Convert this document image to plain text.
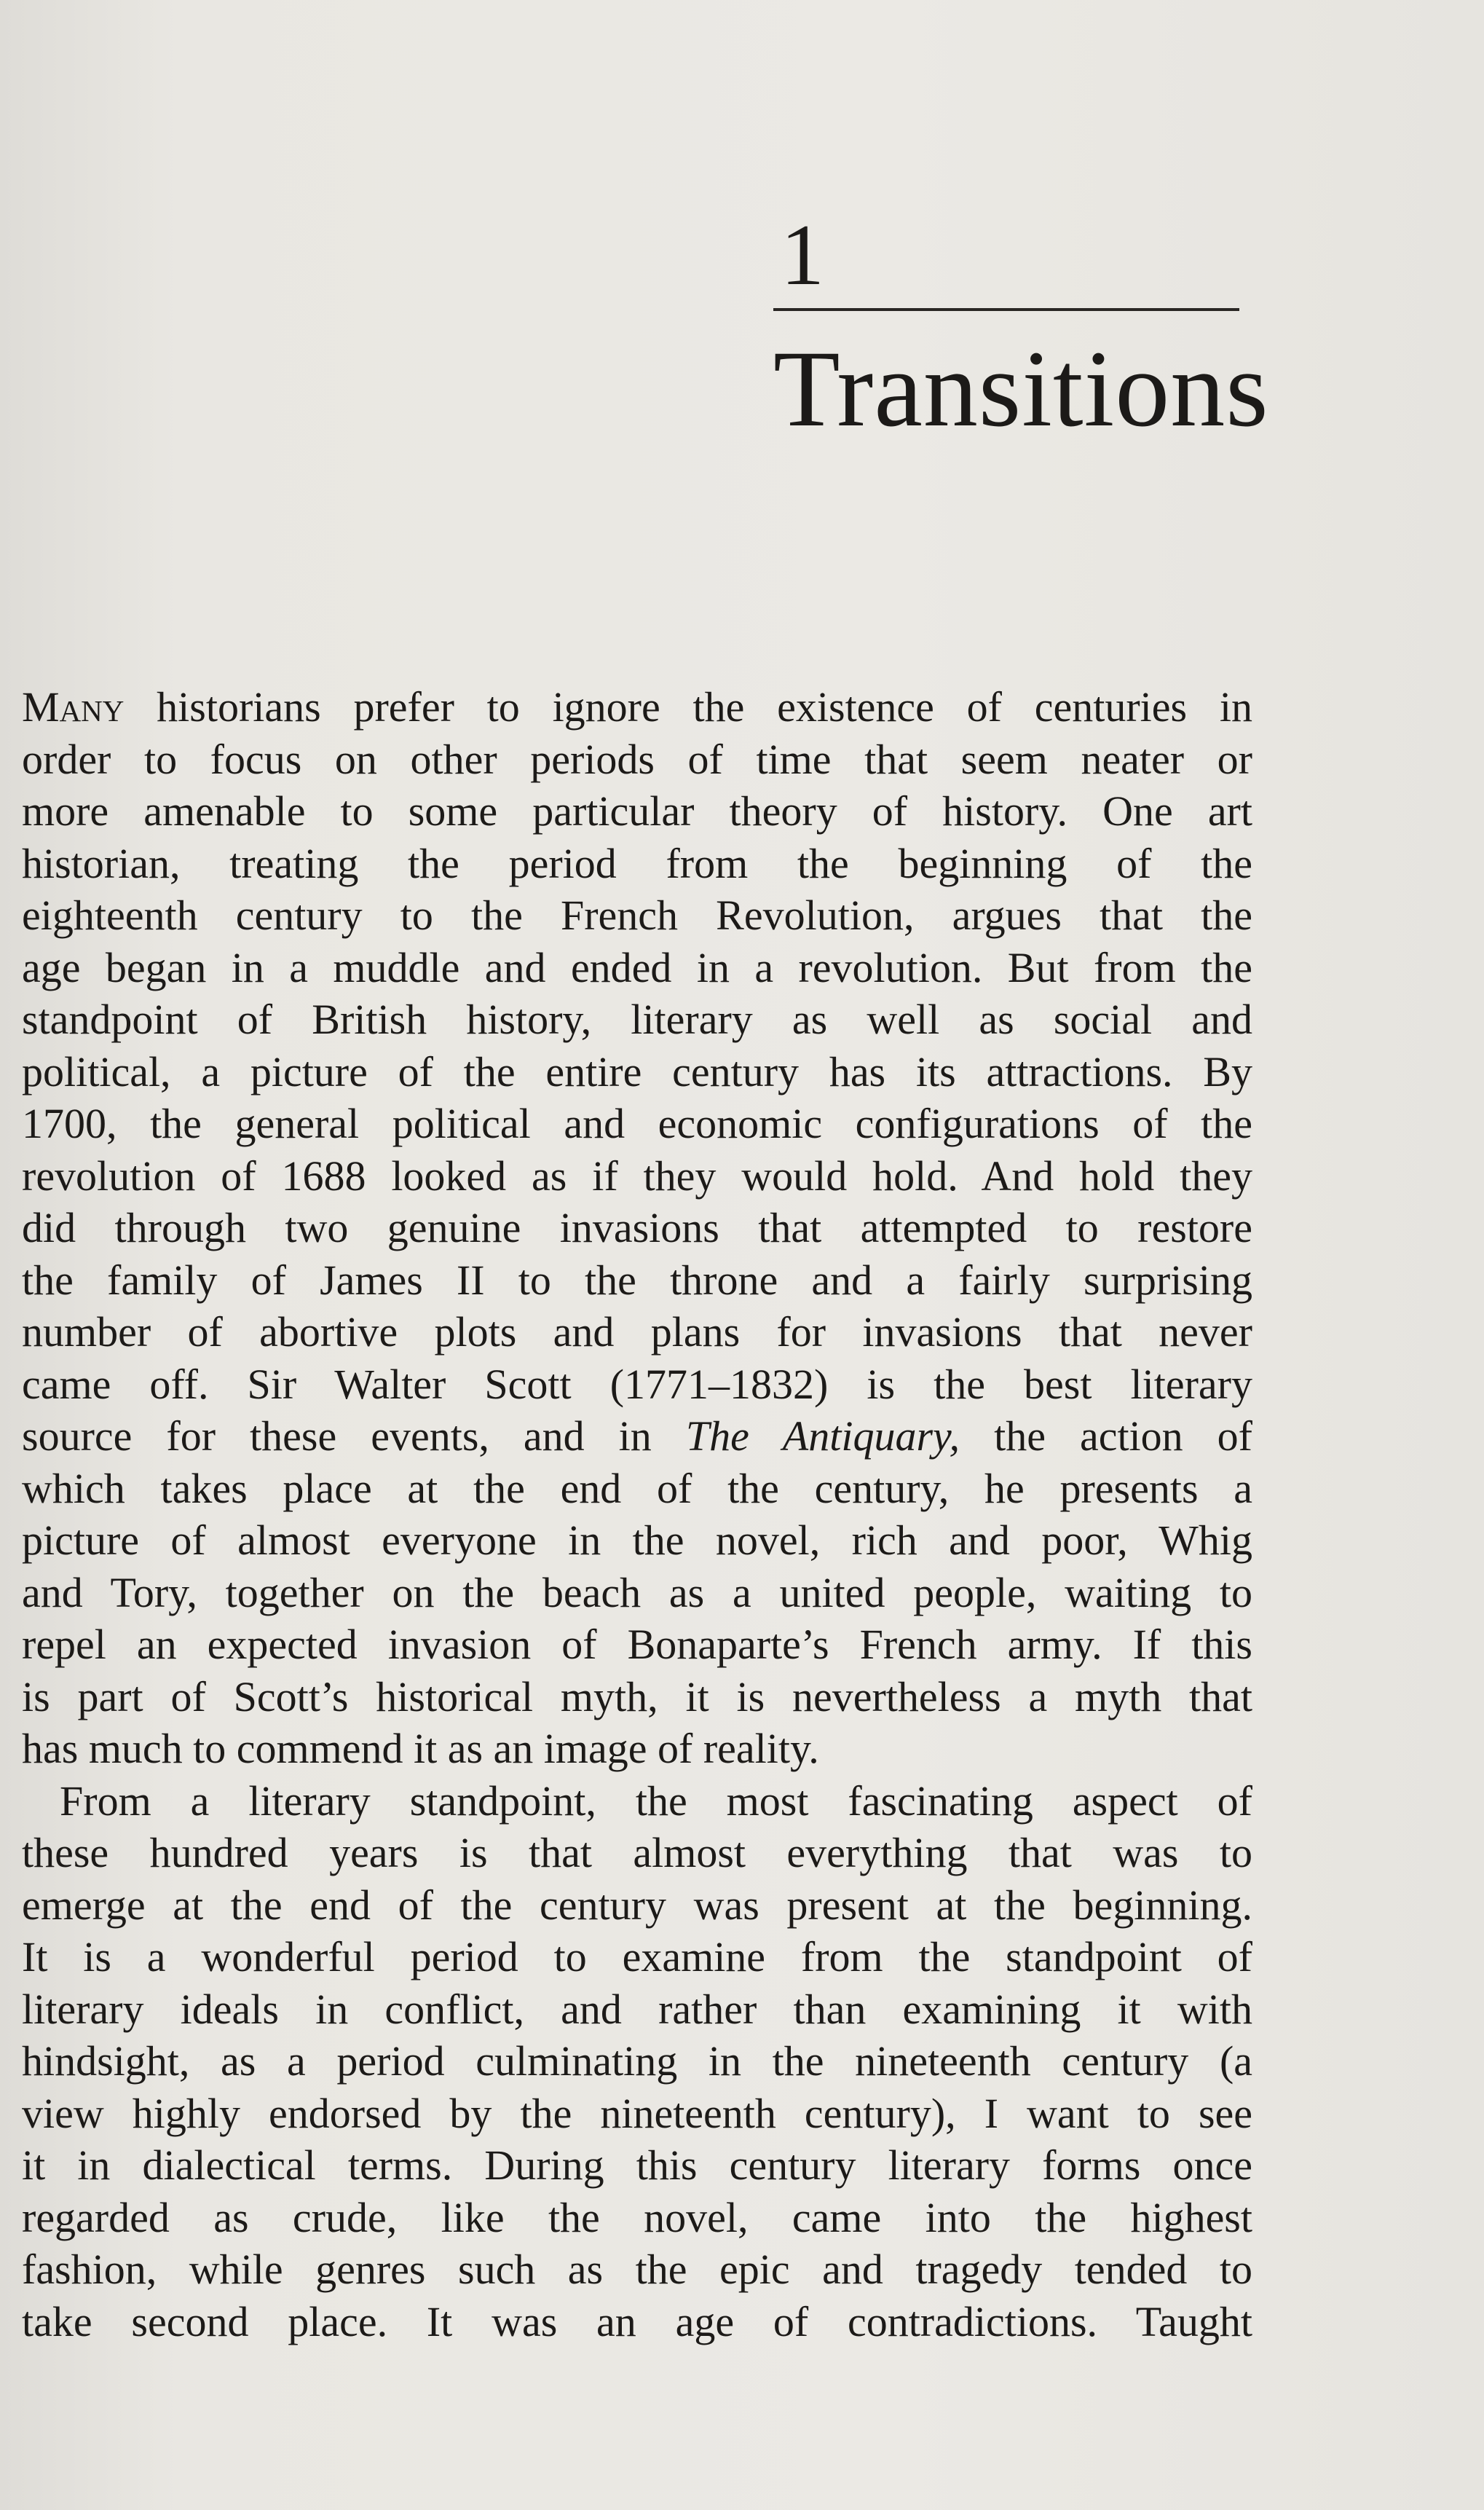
1
Transitions
Many historians prefer to ignore the existence of centuries in
order to focus on other periods of time that seem neater or
more amenable to some particular theory of history. One art
historian, treating the period from the beginning of the
eighteenth century to the French Revolution, argues that the
age began in a muddle and ended in a revolution. But from the
standpoint of British history, literary as well as social and
political, a picture of the entire century has its attractions. By
1700, the general political and economic configurations of the
revolution of 1688 looked as if they would hold. And hold they
did through two genuine invasions that attempted to restore
the family of James II to the throne and a fairly surprising
number of abortive plots and plans for invasions that never
came off. Sir Walter Scott (1771–1832) is the best literary
source for these events, and in The Antiquary, the action of
which takes place at the end of the century, he presents a
picture of almost everyone in the novel, rich and poor, Whig
and Tory, together on the beach as a united people, waiting to
repel an expected invasion of Bonaparte’s French army. If this
is part of Scott’s historical myth, it is nevertheless a myth that
has much to commend it as an image of reality.
From a literary standpoint, the most fascinating aspect of
these hundred years is that almost everything that was to
emerge at the end of the century was present at the beginning.
It is a wonderful period to examine from the standpoint of
literary ideals in conflict, and rather than examining it with
hindsight, as a period culminating in the nineteenth century (a
view highly endorsed by the nineteenth century), I want to see
it in dialectical terms. During this century literary forms once
regarded as crude, like the novel, came into the highest
fashion, while genres such as the epic and tragedy tended to
take second place. It was an age of contradictions. Taught
